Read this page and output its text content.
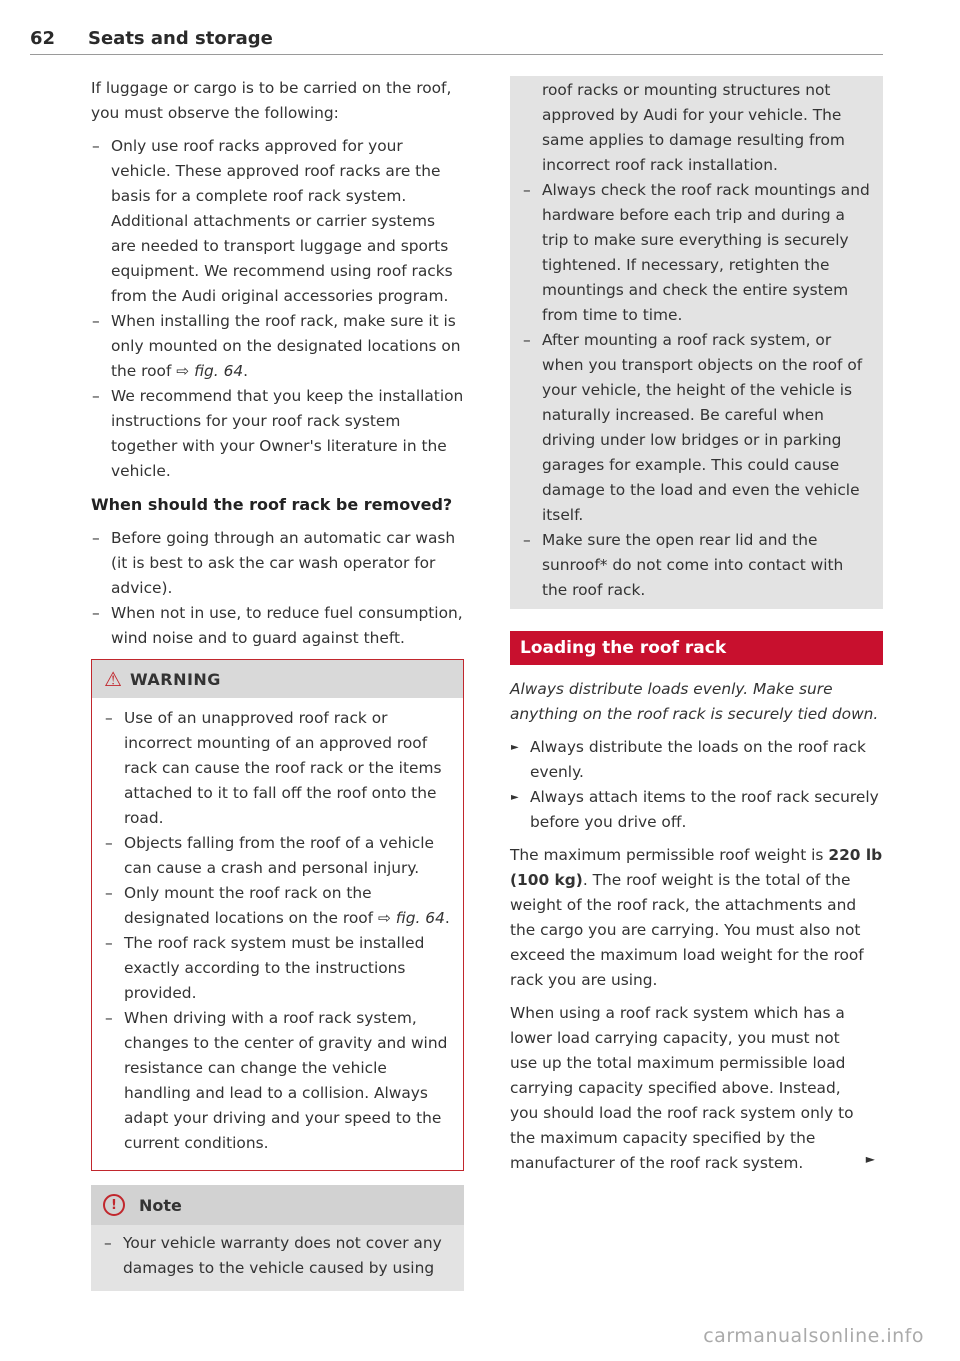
62 Seats and storage

If luggage or cargo is to be carried on the roof, you must observe the following:

– Only use roof racks approved for your vehicle. These approved roof racks are the basis for a complete roof rack system. Additional attachments or carrier systems are needed to transport luggage and sports equipment. We recommend using roof racks from the Audi original accessories program.
– When installing the roof rack, make sure it is only mounted on the designated locations on the roof ⇨ fig. 64.
– We recommend that you keep the installation instructions for your roof rack system together with your Owner's literature in the vehicle.
When should the roof rack be removed?
– Before going through an automatic car wash (it is best to ask the car wash operator for advice).
– When not in use, to reduce fuel consumption, wind noise and to guard against theft.
⚠ WARNING
– Use of an unapproved roof rack or incorrect mounting of an approved roof rack can cause the roof rack or the items attached to it to fall off the roof onto the road.
– Objects falling from the roof of a vehicle can cause a crash and personal injury.
– Only mount the roof rack on the designated locations on the roof ⇨ fig. 64.
– The roof rack system must be installed exactly according to the instructions provided.
– When driving with a roof rack system, changes to the center of gravity and wind resistance can change the vehicle handling and lead to a collision. Always adapt your driving and your speed to the current conditions.
!	Note
– Your vehicle warranty does not cover any damages to the vehicle caused by using

roof racks or mounting structures not approved by Audi for your vehicle. The same applies to damage resulting from incorrect roof rack installation.

– Always check the roof rack mountings and hardware before each trip and during a trip to make sure everything is securely tightened. If necessary, retighten the mountings and check the entire system from time to time.
– After mounting a roof rack system, or when you transport objects on the roof of your vehicle, the height of the vehicle is naturally increased. Be careful when driving under low bridges or in parking garages for example. This could cause damage to the load and even the vehicle itself.
– Make sure the open rear lid and the sunroof* do not come into contact with the roof rack.
Loading the roof rack

Always distribute loads evenly. Make sure anything on the roof rack is securely tied down.

► Always distribute the loads on the roof rack evenly.
► Always attach items to the roof rack securely before you drive off.

The maximum permissible roof weight is 220 lb (100 kg). The roof weight is the total of the weight of the roof rack, the attachments and the cargo you are carrying. You must also not exceed the maximum load weight for the roof rack you are using.

When using a roof rack system which has a lower load carrying capacity, you must not use up the total maximum permissible load carrying capacity specified above. Instead, you should load the roof rack system only to the maximum capacity specified by the manufacturer of the roof rack system.	►

carmanualsonline.info
